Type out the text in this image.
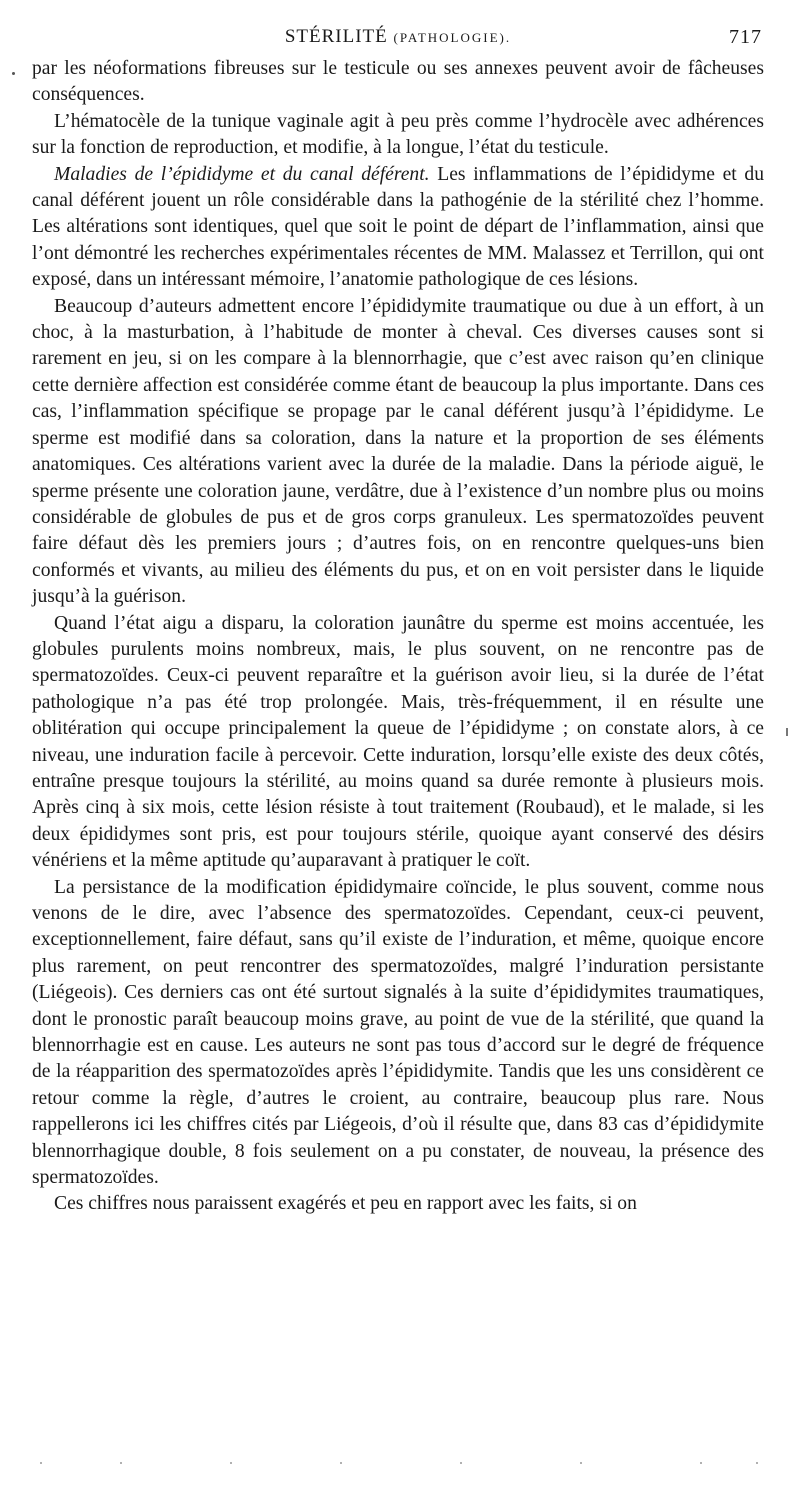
STÉRILITÉ (PATHOLOGIE).	717

par les néoformations fibreuses sur le testicule ou ses annexes peuvent avoir de fâcheuses conséquences.

L’hématocèle de la tunique vaginale agit à peu près comme l’hydrocèle avec adhérences sur la fonction de reproduction, et modifie, à la longue, l’état du testicule.

Maladies de l’épididyme et du canal déférent. Les inflammations de l’épididyme et du canal déférent jouent un rôle considérable dans la pathogénie de la stérilité chez l’homme. Les altérations sont identiques, quel que soit le point de départ de l’inflammation, ainsi que l’ont démontré les recherches expérimentales récentes de MM. Malassez et Terrillon, qui ont exposé, dans un intéressant mémoire, l’anatomie pathologique de ces lésions.

Beaucoup d’auteurs admettent encore l’épididymite traumatique ou due à un effort, à un choc, à la masturbation, à l’habitude de monter à cheval. Ces diverses causes sont si rarement en jeu, si on les compare à la blennorrhagie, que c’est avec raison qu’en clinique cette dernière affection est considérée comme étant de beaucoup la plus importante. Dans ces cas, l’inflammation spécifique se propage par le canal déférent jusqu’à l’épididyme. Le sperme est modifié dans sa coloration, dans la nature et la proportion de ses éléments anatomiques. Ces altérations varient avec la durée de la maladie. Dans la période aiguë, le sperme présente une coloration jaune, verdâtre, due à l’existence d’un nombre plus ou moins considérable de globules de pus et de gros corps granuleux. Les spermatozoïdes peuvent faire défaut dès les premiers jours ; d’autres fois, on en rencontre quelques-uns bien conformés et vivants, au milieu des éléments du pus, et on en voit persister dans le liquide jusqu’à la guérison.

Quand l’état aigu a disparu, la coloration jaunâtre du sperme est moins accentuée, les globules purulents moins nombreux, mais, le plus souvent, on ne rencontre pas de spermatozoïdes. Ceux-ci peuvent reparaître et la guérison avoir lieu, si la durée de l’état pathologique n’a pas été trop prolongée. Mais, très-fréquemment, il en résulte une oblitération qui occupe principalement la queue de l’épididyme ; on constate alors, à ce niveau, une induration facile à percevoir. Cette induration, lorsqu’elle existe des deux côtés, entraîne presque toujours la stérilité, au moins quand sa durée remonte à plusieurs mois. Après cinq à six mois, cette lésion résiste à tout traitement (Roubaud), et le malade, si les deux épididymes sont pris, est pour toujours stérile, quoique ayant conservé des désirs vénériens et la même aptitude qu’auparavant à pratiquer le coït.

La persistance de la modification épididymaire coïncide, le plus souvent, comme nous venons de le dire, avec l’absence des spermatozoïdes. Cependant, ceux-ci peuvent, exceptionnellement, faire défaut, sans qu’il existe de l’induration, et même, quoique encore plus rarement, on peut rencontrer des spermatozoïdes, malgré l’induration persistante (Liégeois). Ces derniers cas ont été surtout signalés à la suite d’épididymites traumatiques, dont le pronostic paraît beaucoup moins grave, au point de vue de la stérilité, que quand la blennorrhagie est en cause. Les auteurs ne sont pas tous d’accord sur le degré de fréquence de la réapparition des spermatozoïdes après l’épididymite. Tandis que les uns considèrent ce retour comme la règle, d’autres le croient, au contraire, beaucoup plus rare. Nous rappellerons ici les chiffres cités par Liégeois, d’où il résulte que, dans 83 cas d’épididymite blennorrhagique double, 8 fois seulement on a pu constater, de nouveau, la présence des spermatozoïdes.

Ces chiffres nous paraissent exagérés et peu en rapport avec les faits, si on
